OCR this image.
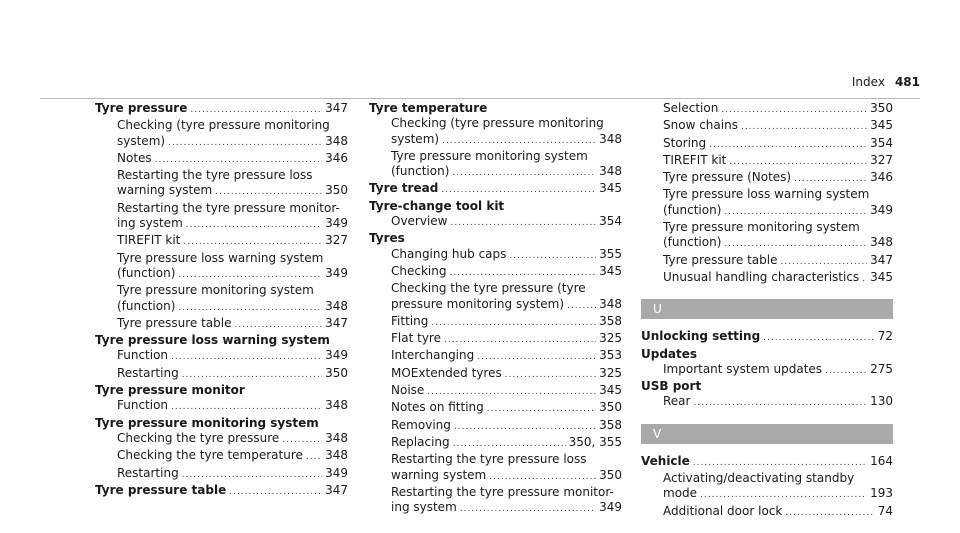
Index 481
Tyre pressure .....	347
Checking (tyre pressure monitoring
system) .....	348
Notes .....	346
Restarting the tyre pressure loss
warning system .....	350
Restarting the tyre pressure monitor-
ing system .....	349
TIREFIT kit .....	327
Tyre pressure loss warning system
(function) .....	349
Tyre pressure monitoring system
(function) .....	348
Tyre pressure table .....	347
Tyre pressure loss warning system
Function .....	349
Restarting .....	350
Tyre pressure monitor
Function .....	348
Tyre pressure monitoring system
Checking the tyre pressure .....	348
Checking the tyre temperature ..... 348
Restarting .....	349
Tyre pressure table .....	347
Tyre temperature
Checking (tyre pressure monitoring
system) .....	348
Tyre pressure monitoring system
(function) .....	348
Tyre tread .....	345
Tyre-change tool kit
Overview .....	354
Tyres
Changing hub caps .....	355
Checking .....	345
Checking the tyre pressure (tyre
pressure monitoring system) .....	348
Fitting .....	358
Flat tyre .....	325
Interchanging .....	353
MOExtended tyres .....	325
Noise .....	345
Notes on fitting .....	350
Removing .....	358
Replacing .....	350, 355
Restarting the tyre pressure loss
warning system .....	350
Restarting the tyre pressure monitor-
ing system .....	349
Selection .....	350
Snow chains .....	345
Storing .....	354
TIREFIT kit .....	327
Tyre pressure (Notes) .....	346
Tyre pressure loss warning system
(function) .....	349
Tyre pressure monitoring system
(function) .....	348
Tyre pressure table .....	347
Unusual handling characteristics ..... 345
U
Unlocking setting .....	72
Updates
Important system updates .....	275
USB port
Rear .....	130
V
Vehicle .....	164
Activating/deactivating standby
mode .....	193
Additional door lock .....	74
